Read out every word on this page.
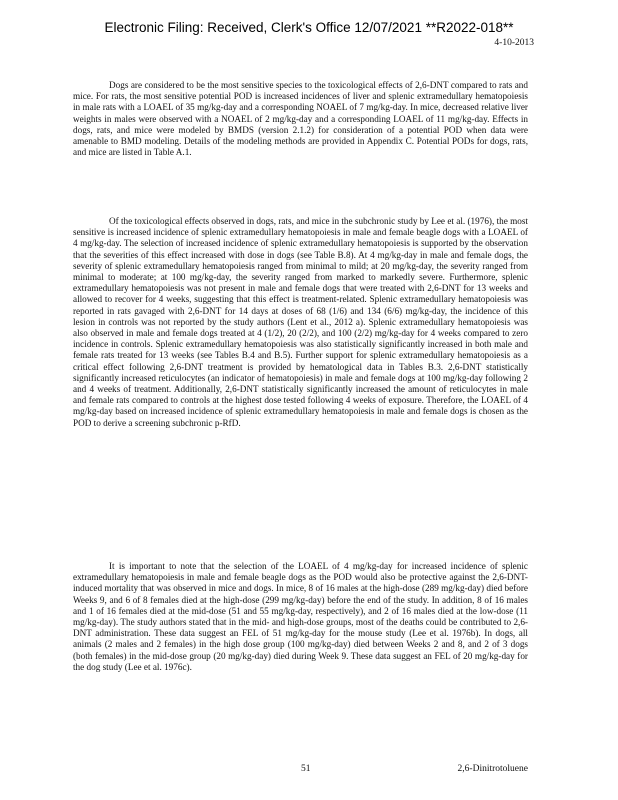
Electronic Filing: Received, Clerk's Office 12/07/2021 **R2022-018**
4-10-2013

Dogs are considered to be the most sensitive species to the toxicological effects of 2,6-DNT compared to rats and mice. For rats, the most sensitive potential POD is increased incidences of liver and splenic extramedullary hematopoiesis in male rats with a LOAEL of 35 mg/kg-day and a corresponding NOAEL of 7 mg/kg-day. In mice, decreased relative liver weights in males were observed with a NOAEL of 2 mg/kg-day and a corresponding LOAEL of 11 mg/kg-day. Effects in dogs, rats, and mice were modeled by BMDS (version 2.1.2) for consideration of a potential POD when data were amenable to BMD modeling. Details of the modeling methods are provided in Appendix C. Potential PODs for dogs, rats, and mice are listed in Table A.1.

Of the toxicological effects observed in dogs, rats, and mice in the subchronic study by Lee et al. (1976), the most sensitive is increased incidence of splenic extramedullary hematopoiesis in male and female beagle dogs with a LOAEL of 4 mg/kg-day. The selection of increased incidence of splenic extramedullary hematopoiesis is supported by the observation that the severities of this effect increased with dose in dogs (see Table B.8). At 4 mg/kg-day in male and female dogs, the severity of splenic extramedullary hematopoiesis ranged from minimal to mild; at 20 mg/kg-day, the severity ranged from minimal to moderate; at 100 mg/kg-day, the severity ranged from marked to markedly severe. Furthermore, splenic extramedullary hematopoiesis was not present in male and female dogs that were treated with 2,6-DNT for 13 weeks and allowed to recover for 4 weeks, suggesting that this effect is treatment-related. Splenic extramedullary hematopoiesis was reported in rats gavaged with 2,6-DNT for 14 days at doses of 68 (1/6) and 134 (6/6) mg/kg-day, the incidence of this lesion in controls was not reported by the study authors (Lent et al., 2012 a). Splenic extramedullary hematopoiesis was also observed in male and female dogs treated at 4 (1/2), 20 (2/2), and 100 (2/2) mg/kg-day for 4 weeks compared to zero incidence in controls. Splenic extramedullary hematopoiesis was also statistically significantly increased in both male and female rats treated for 13 weeks (see Tables B.4 and B.5). Further support for splenic extramedullary hematopoiesis as a critical effect following 2,6-DNT treatment is provided by hematological data in Tables B.3. 2,6-DNT statistically significantly increased reticulocytes (an indicator of hematopoiesis) in male and female dogs at 100 mg/kg-day following 2 and 4 weeks of treatment. Additionally, 2,6-DNT statistically significantly increased the amount of reticulocytes in male and female rats compared to controls at the highest dose tested following 4 weeks of exposure. Therefore, the LOAEL of 4 mg/kg-day based on increased incidence of splenic extramedullary hematopoiesis in male and female dogs is chosen as the POD to derive a screening subchronic p-RfD.

It is important to note that the selection of the LOAEL of 4 mg/kg-day for increased incidence of splenic extramedullary hematopoiesis in male and female beagle dogs as the POD would also be protective against the 2,6-DNT-induced mortality that was observed in mice and dogs. In mice, 8 of 16 males at the high-dose (289 mg/kg-day) died before Weeks 9, and 6 of 8 females died at the high-dose (299 mg/kg-day) before the end of the study. In addition, 8 of 16 males and 1 of 16 females died at the mid-dose (51 and 55 mg/kg-day, respectively), and 2 of 16 males died at the low-dose (11 mg/kg-day). The study authors stated that in the mid- and high-dose groups, most of the deaths could be contributed to 2,6-DNT administration. These data suggest an FEL of 51 mg/kg-day for the mouse study (Lee et al. 1976b). In dogs, all animals (2 males and 2 females) in the high dose group (100 mg/kg-day) died between Weeks 2 and 8, and 2 of 3 dogs (both females) in the mid-dose group (20 mg/kg-day) died during Week 9. These data suggest an FEL of 20 mg/kg-day for the dog study (Lee et al. 1976c).

51	2,6-Dinitrotoluene
